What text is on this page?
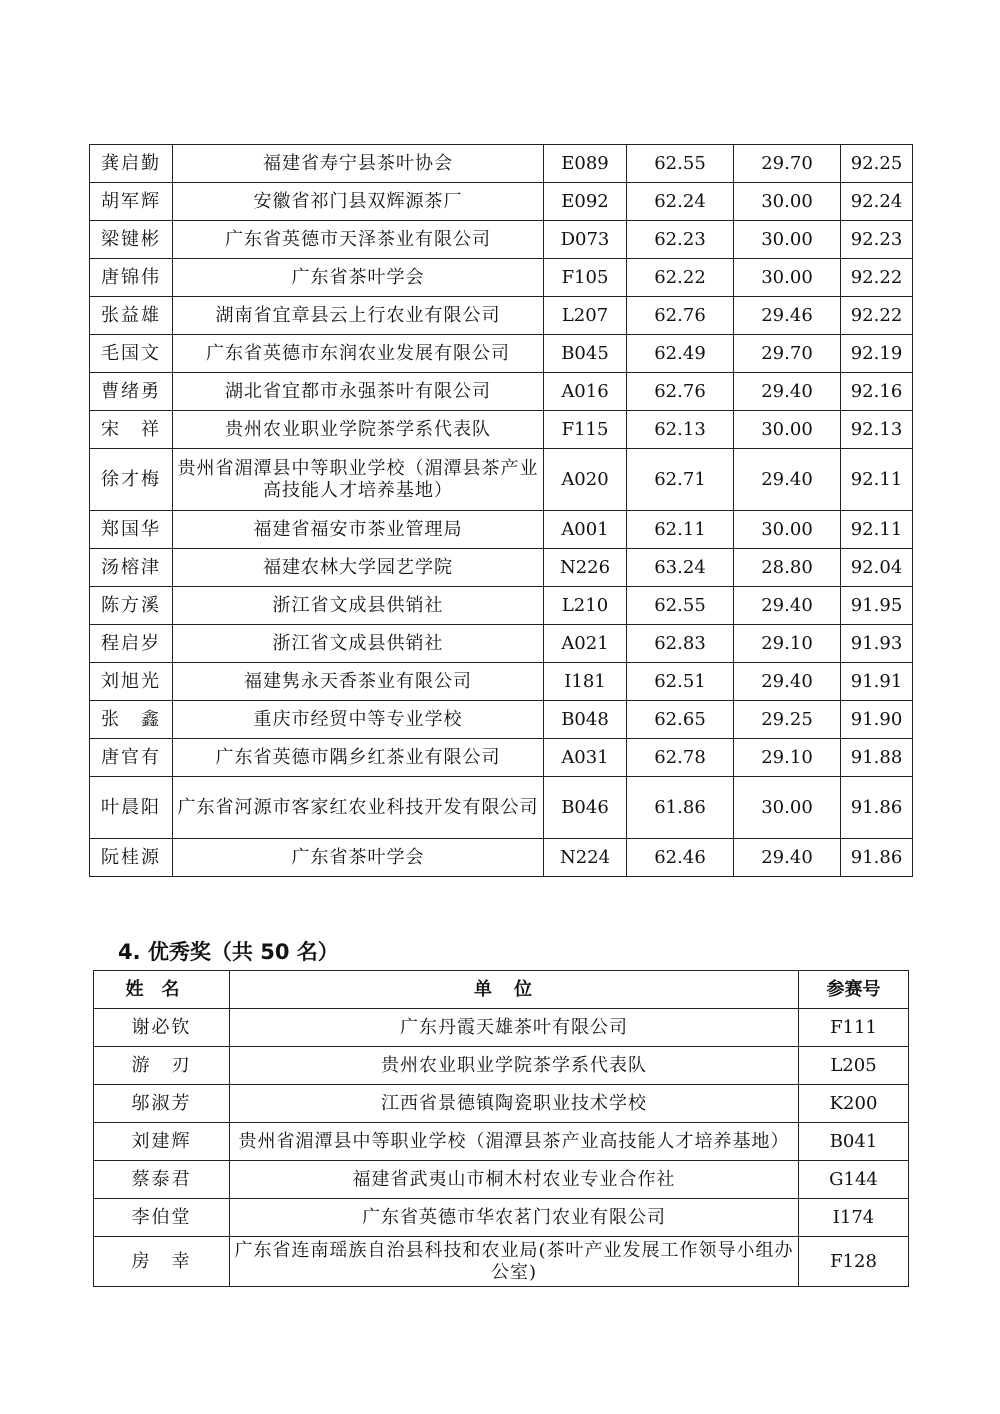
龚启勤	福建省寿宁县茶叶协会	E089	62.55	29.70	92.25
胡军辉	安徽省祁门县双辉源茶厂	E092	62.24	30.00	92.24
梁键彬	广东省英德市天泽茶业有限公司	D073	62.23	30.00	92.23
唐锦伟	广东省茶叶学会	F105	62.22	30.00	92.22
张益雄	湖南省宜章县云上行农业有限公司	L207	62.76	29.46	92.22
毛国文	广东省英德市东润农业发展有限公司	B045	62.49	29.70	92.19
曹绪勇	湖北省宜都市永强茶叶有限公司	A016	62.76	29.40	92.16
宋　祥	贵州农业职业学院茶学系代表队	F115	62.13	30.00	92.13
徐才梅	贵州省湄潭县中等职业学校（湄潭县茶产业高技能人才培养基地）	A020	62.71	29.40	92.11
郑国华	福建省福安市茶业管理局	A001	62.11	30.00	92.11
汤榕津	福建农林大学园艺学院	N226	63.24	28.80	92.04
陈方溪	浙江省文成县供销社	L210	62.55	29.40	91.95
程启岁	浙江省文成县供销社	A021	62.83	29.10	91.93
刘旭光	福建隽永天香茶业有限公司	I181	62.51	29.40	91.91
张　鑫	重庆市经贸中等专业学校	B048	62.65	29.25	91.90
唐官有	广东省英德市隅乡红茶业有限公司	A031	62.78	29.10	91.88
叶晨阳	广东省河源市客家红农业科技开发有限公司	B046	61.86	30.00	91.86
阮桂源	广东省茶叶学会	N224	62.46	29.40	91.86
4. 优秀奖（共 50 名）
姓名	单位	参赛号
谢必钦	广东丹霞天雄茶叶有限公司	F111
游　刃	贵州农业职业学院茶学系代表队	L205
邬淑芳	江西省景德镇陶瓷职业技术学校	K200
刘建辉	贵州省湄潭县中等职业学校（湄潭县茶产业高技能人才培养基地）	B041
蔡泰君	福建省武夷山市桐木村农业专业合作社	G144
李伯堂	广东省英德市华农茗门农业有限公司	I174
房　幸	广东省连南瑶族自治县科技和农业局(茶叶产业发展工作领导小组办公室)	F128
